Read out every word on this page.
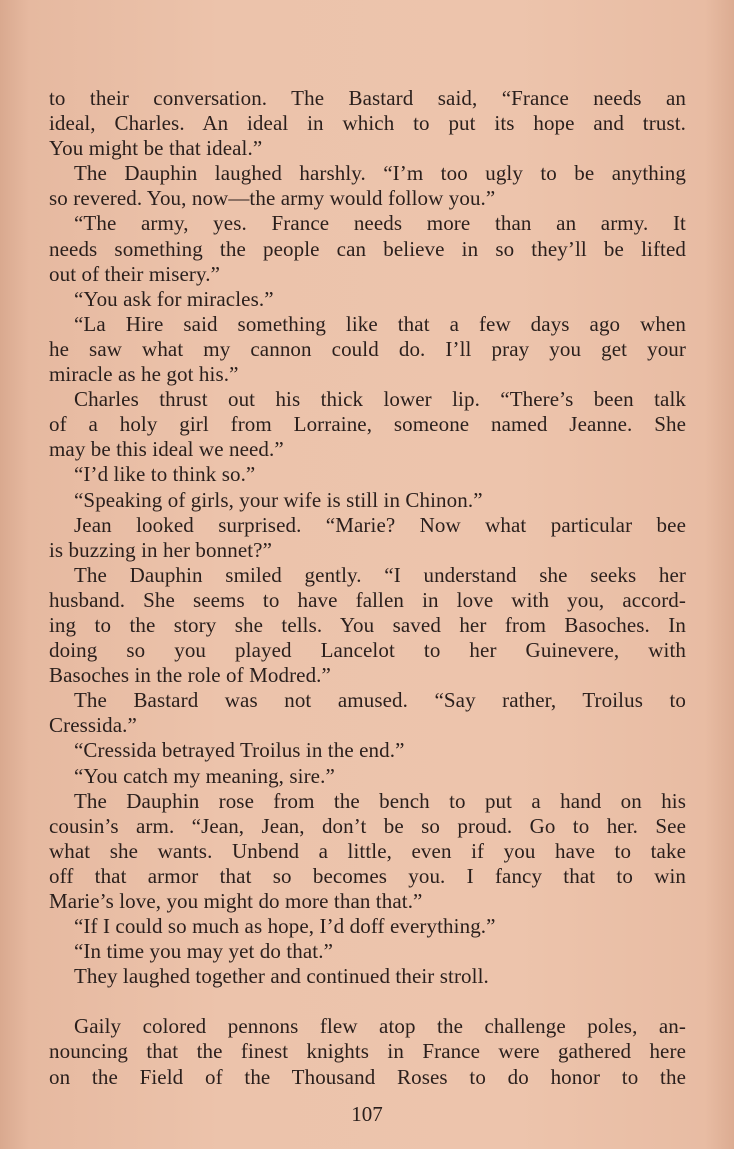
to their conversation. The Bastard said, “France needs an
ideal, Charles. An ideal in which to put its hope and trust.
You might be that ideal.”

The Dauphin laughed harshly. “I’m too ugly to be anything
so revered. You, now—the army would follow you.”

“The army, yes. France needs more than an army. It
needs something the people can believe in so they’ll be lifted
out of their misery.”

“You ask for miracles.”

“La Hire said something like that a few days ago when
he saw what my cannon could do. I’ll pray you get your
miracle as he got his.”

Charles thrust out his thick lower lip. “There’s been talk
of a holy girl from Lorraine, someone named Jeanne. She
may be this ideal we need.”

“I’d like to think so.”

“Speaking of girls, your wife is still in Chinon.”

Jean looked surprised. “Marie? Now what particular bee
is buzzing in her bonnet?”

The Dauphin smiled gently. “I understand she seeks her
husband. She seems to have fallen in love with you, accord-
ing to the story she tells. You saved her from Basoches. In
doing so you played Lancelot to her Guinevere, with
Basoches in the role of Modred.”

The Bastard was not amused. “Say rather, Troilus to
Cressida.”

“Cressida betrayed Troilus in the end.”

“You catch my meaning, sire.”

The Dauphin rose from the bench to put a hand on his
cousin’s arm. “Jean, Jean, don’t be so proud. Go to her. See
what she wants. Unbend a little, even if you have to take
off that armor that so becomes you. I fancy that to win
Marie’s love, you might do more than that.”

“If I could so much as hope, I’d doff everything.”

“In time you may yet do that.”

They laughed together and continued their stroll.

Gaily colored pennons flew atop the challenge poles, an-
nouncing that the finest knights in France were gathered here
on the Field of the Thousand Roses to do honor to the

107
